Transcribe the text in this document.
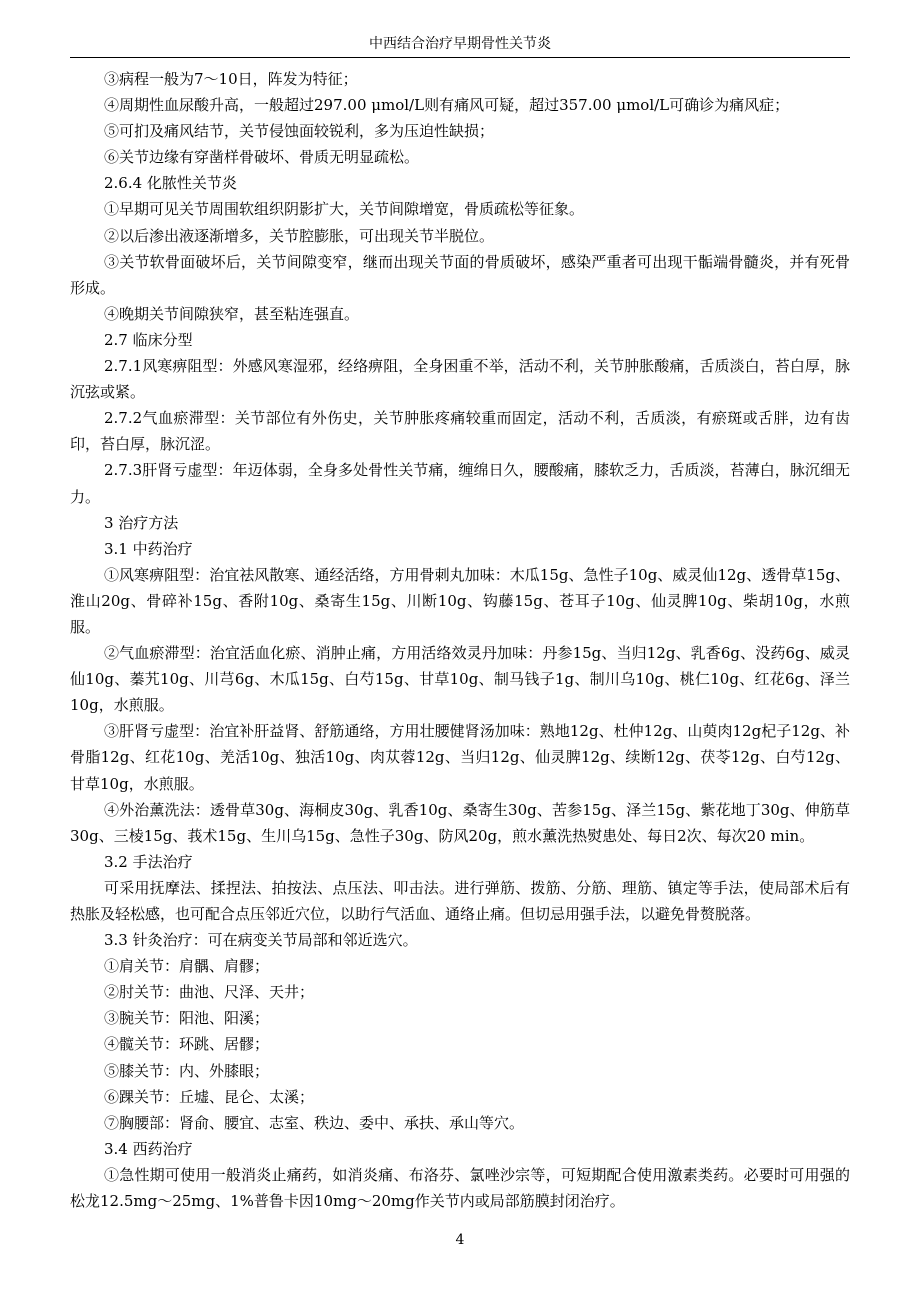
中西结合治疗早期骨性关节炎

③病程一般为7～10日，阵发为特征；

④周期性血尿酸升高，一般超过297.00 μmol/L则有痛风可疑，超过357.00 μmol/L可确诊为痛风症；

⑤可扪及痛风结节，关节侵蚀面较锐利，多为压迫性缺损；

⑥关节边缘有穿凿样骨破坏、骨质无明显疏松。

2.6.4 化脓性关节炎

①早期可见关节周围软组织阴影扩大，关节间隙增宽，骨质疏松等征象。

②以后渗出液逐渐增多，关节腔膨胀，可出现关节半脱位。

③关节软骨面破坏后，关节间隙变窄，继而出现关节面的骨质破坏，感染严重者可出现干骺端骨髓炎，并有死骨形成。

④晚期关节间隙狭窄，甚至粘连强直。

2.7 临床分型

2.7.1风寒痹阻型：外感风寒湿邪，经络痹阻，全身困重不举，活动不利，关节肿胀酸痛，舌质淡白，苔白厚，脉沉弦或紧。

2.7.2气血瘀滞型：关节部位有外伤史，关节肿胀疼痛较重而固定，活动不利，舌质淡，有瘀斑或舌胖，边有齿印，苔白厚，脉沉涩。

2.7.3肝肾亏虚型：年迈体弱，全身多处骨性关节痛，缠绵日久，腰酸痛，膝软乏力，舌质淡，苔薄白，脉沉细无力。

3 治疗方法

3.1 中药治疗

①风寒痹阻型：治宜祛风散寒、通经活络，方用骨刺丸加味：木瓜15g、急性子10g、威灵仙12g、透骨草15g、淮山20g、骨碎补15g、香附10g、桑寄生15g、川断10g、钩藤15g、苍耳子10g、仙灵脾10g、柴胡10g，水煎服。

②气血瘀滞型：治宜活血化瘀、消肿止痛，方用活络效灵丹加味：丹参15g、当归12g、乳香6g、没药6g、威灵仙10g、蓁艽10g、川芎6g、木瓜15g、白芍15g、甘草10g、制马钱子1g、制川乌10g、桃仁10g、红花6g、泽兰10g，水煎服。

③肝肾亏虚型：治宜补肝益肾、舒筋通络，方用壮腰健肾汤加味：熟地12g、杜仲12g、山萸肉12g杞子12g、补骨脂12g、红花10g、羌活10g、独活10g、肉苁蓉12g、当归12g、仙灵脾12g、续断12g、茯苓12g、白芍12g、甘草10g，水煎服。

④外治薰洗法：透骨草30g、海桐皮30g、乳香10g、桑寄生30g、苦参15g、泽兰15g、紫花地丁30g、伸筋草30g、三棱15g、莪术15g、生川乌15g、急性子30g、防风20g，煎水薰洗热熨患处、每日2次、每次20 min。

3.2 手法治疗

可采用抚摩法、揉捏法、拍按法、点压法、叩击法。进行弹筋、拨筋、分筋、理筋、镇定等手法，使局部术后有热胀及轻松感，也可配合点压邻近穴位，以助行气活血、通络止痛。但切忌用强手法，以避免骨赘脱落。

3.3 针灸治疗：可在病变关节局部和邻近选穴。

①肩关节：肩髃、肩髎；

②肘关节：曲池、尺泽、天井；

③腕关节：阳池、阳溪；

④髋关节：环跳、居髎；

⑤膝关节：内、外膝眼；

⑥踝关节：丘墟、昆仑、太溪；

⑦胸腰部：肾俞、腰宜、志室、秩边、委中、承扶、承山等穴。

3.4 西药治疗

①急性期可使用一般消炎止痛药，如消炎痛、布洛芬、氯唑沙宗等，可短期配合使用激素类药。必要时可用强的松龙12.5mg～25mg、1%普鲁卡因10mg～20mg作关节内或局部筋膜封闭治疗。

4
